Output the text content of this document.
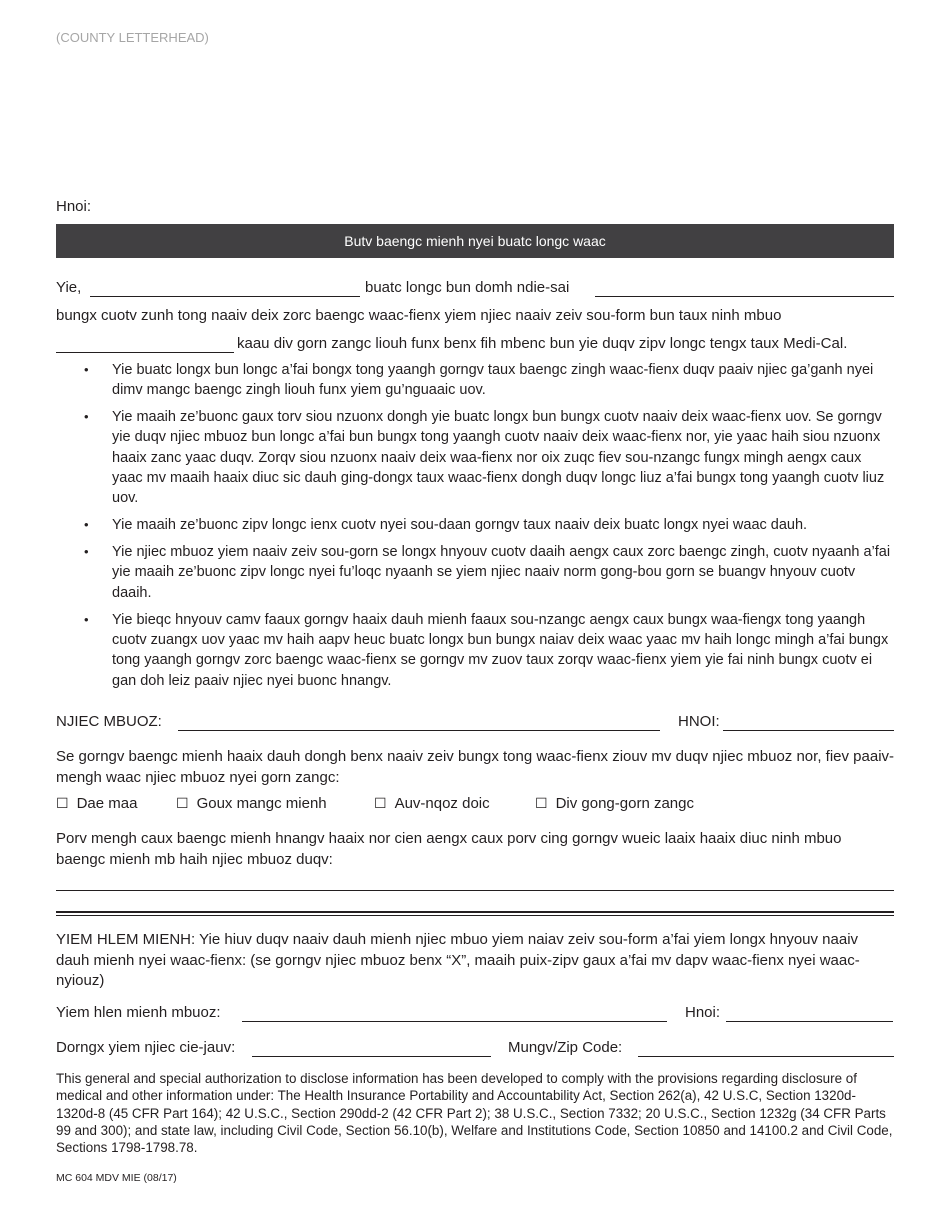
(COUNTY LETTERHEAD)
Hnoi:
Butv baengc mienh nyei buatc longc waac
Yie,	buatc longc bun domh ndie-sai
bungx cuotv zunh tong naaiv deix zorc baengc waac-fienx yiem njiec naaiv zeiv sou-form bun taux ninh mbuo
kaau div gorn zangc liouh funx benx fih mbenc bun yie duqv zipv longc tengx taux Medi-Cal.
• Yie buatc longx bun longc a’fai bongx tong yaangh gorngv taux baengc zingh waac-fienx duqv paaiv njiec ga’ganh nyei dimv mangc baengc zingh liouh funx yiem gu’nguaaic uov.
• Yie maaih ze’buonc gaux torv siou nzuonx dongh yie buatc longx bun bungx cuotv naaiv deix waac-fienx uov. Se gorngv yie duqv njiec mbuoz bun longc a’fai bun bungx tong yaangh cuotv naaiv deix waac-fienx nor, yie yaac haih siou nzuonx haaix zanc yaac duqv. Zorqv siou nzuonx naaiv deix waa-fienx nor oix zuqc fiev sou-nzangc fungx mingh aengx caux yaac mv maaih haaix diuc sic dauh ging-dongx taux waac-fienx dongh duqv longc liuz a’fai bungx tong yaangh cuotv liuz uov.
• Yie maaih ze’buonc zipv longc ienx cuotv nyei sou-daan gorngv taux naaiv deix buatc longx nyei waac dauh.
• Yie njiec mbuoz yiem naaiv zeiv sou-gorn se longx hnyouv cuotv daaih aengx caux zorc baengc zingh, cuotv nyaanh a’fai yie maaih ze’buonc zipv longc nyei fu’loqc nyaanh se yiem njiec naaiv norm gong-bou gorn se buangv hnyouv cuotv daaih.
• Yie bieqc hnyouv camv faaux gorngv haaix dauh mienh faaux sou-nzangc aengx caux bungx waa-fiengx tong yaangh cuotv zuangx uov yaac mv haih aapv heuc buatc longx bun bungx naiav deix waac yaac mv haih longc mingh a’fai bungx tong yaangh gorngv zorc baengc waac-fienx se gorngv mv zuov taux zorqv waac-fienx yiem yie fai ninh bungx cuotv ei gan doh leiz paaiv njiec nyei buonc hnangv.
NJIEC MBUOZ:	HNOI:
Se gorngv baengc mienh haaix dauh dongh benx naaiv zeiv bungx tong waac-fienx ziouv mv duqv njiec mbuoz nor, fiev paaiv-mengh waac njiec mbuoz nyei gorn zangc:
☐ Dae maa	☐ Goux mangc mienh	☐ Auv-nqoz doic	☐ Div gong-gorn zangc
Porv mengh caux baengc mienh hnangv haaix nor cien aengx caux porv cing gorngv wueic laaix haaix diuc ninh mbuo baengc mienh mb haih njiec mbuoz duqv:
YIEM HLEM MIENH: Yie hiuv duqv naaiv dauh mienh njiec mbuo yiem naiav zeiv sou-form a’fai yiem longx hnyouv naaiv dauh mienh nyei waac-fienx: (se gorngv njiec mbuoz benx “X”, maaih puix-zipv gaux a’fai mv dapv waac-fienx nyei waac-nyiouz)
Yiem hlen mienh mbuoz:	Hnoi:
Dorngx yiem njiec cie-jauv:	Mungv/Zip Code:
This general and special authorization to disclose information has been developed to comply with the provisions regarding disclosure of medical and other information under: The Health Insurance Portability and Accountability Act, Section 262(a), 42 U.S.C, Section 1320d-1320d-8 (45 CFR Part 164); 42 U.S.C., Section 290dd-2 (42 CFR Part 2); 38 U.S.C., Section 7332; 20 U.S.C., Section 1232g (34 CFR Parts 99 and 300); and state law, including Civil Code, Section 56.10(b), Welfare and Institutions Code, Section 10850 and 14100.2 and Civil Code, Sections 1798-1798.78.
MC 604 MDV MIE (08/17)
